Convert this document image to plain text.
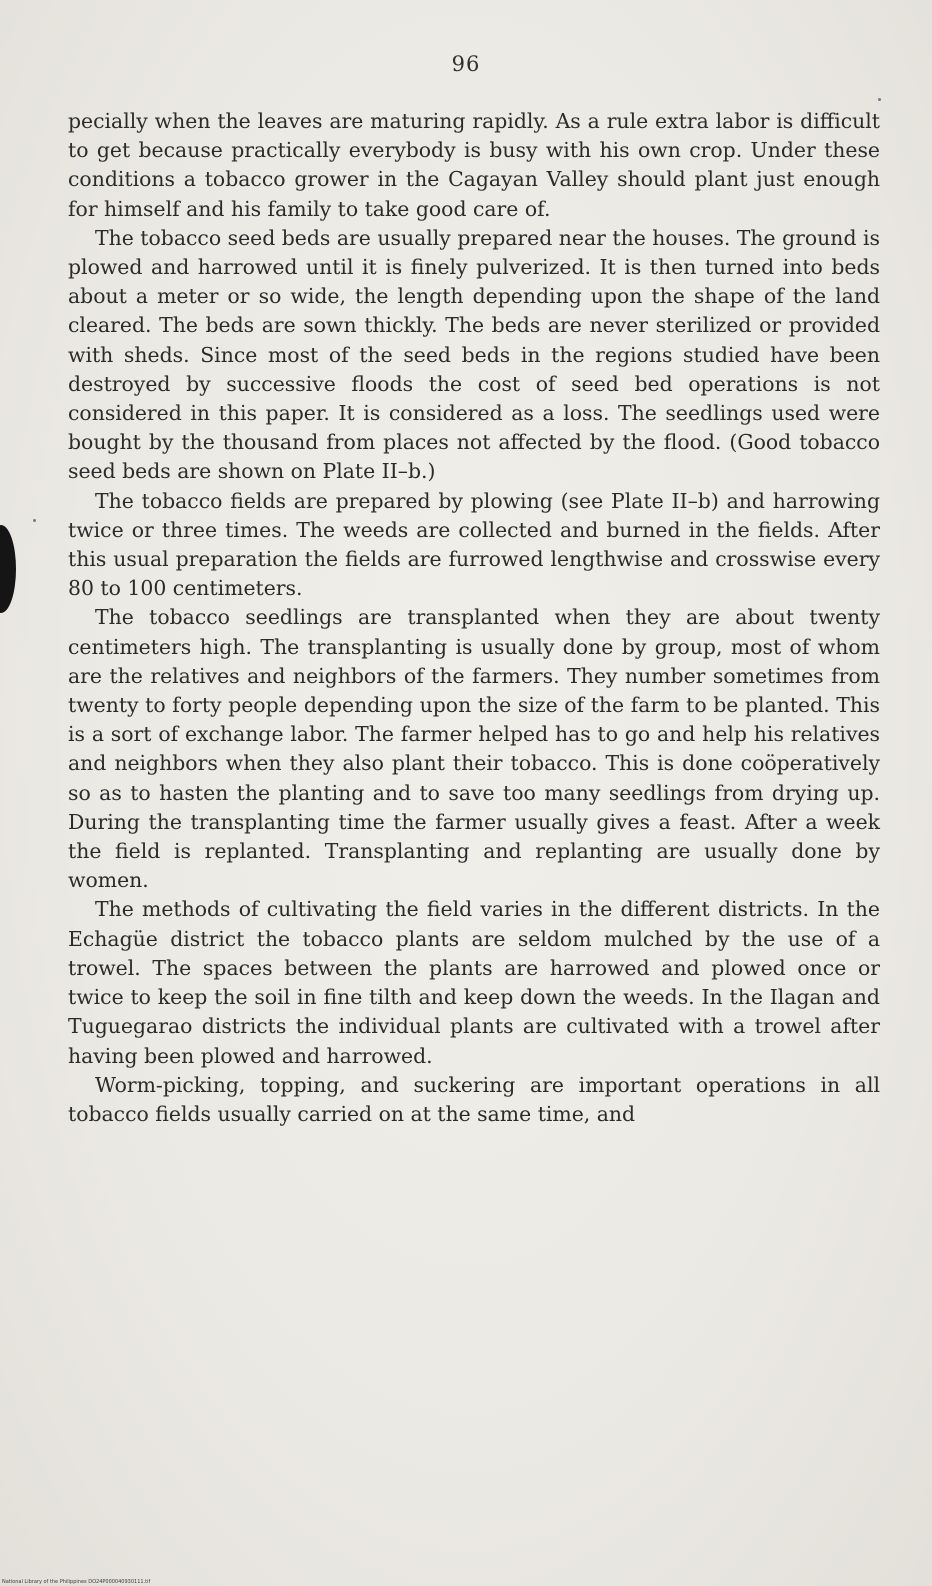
96

pecially when the leaves are maturing rapidly. As a rule extra labor is difficult to get because practically everybody is busy with his own crop. Under these conditions a tobacco grower in the Cagayan Valley should plant just enough for himself and his family to take good care of.

The tobacco seed beds are usually prepared near the houses. The ground is plowed and harrowed until it is finely pulverized. It is then turned into beds about a meter or so wide, the length depending upon the shape of the land cleared. The beds are sown thickly. The beds are never sterilized or provided with sheds. Since most of the seed beds in the regions studied have been destroyed by successive floods the cost of seed bed operations is not considered in this paper. It is considered as a loss. The seedlings used were bought by the thousand from places not affected by the flood. (Good tobacco seed beds are shown on Plate II–b.)

The tobacco fields are prepared by plowing (see Plate II–b) and harrowing twice or three times. The weeds are collected and burned in the fields. After this usual preparation the fields are furrowed lengthwise and crosswise every 80 to 100 centimeters.

The tobacco seedlings are transplanted when they are about twenty centimeters high. The transplanting is usually done by group, most of whom are the relatives and neighbors of the farmers. They number sometimes from twenty to forty people depending upon the size of the farm to be planted. This is a sort of exchange labor. The farmer helped has to go and help his relatives and neighbors when they also plant their tobacco. This is done coöperatively so as to hasten the planting and to save too many seedlings from drying up. During the transplanting time the farmer usually gives a feast. After a week the field is replanted. Transplanting and replanting are usually done by women.

The methods of cultivating the field varies in the different districts. In the Echagüe district the tobacco plants are seldom mulched by the use of a trowel. The spaces between the plants are harrowed and plowed once or twice to keep the soil in fine tilth and keep down the weeds. In the Ilagan and Tuguegarao districts the individual plants are cultivated with a trowel after having been plowed and harrowed.

Worm-picking, topping, and suckering are important operations in all tobacco fields usually carried on at the same time, and

National Library of the Philippines DO24P000040930111.tif
